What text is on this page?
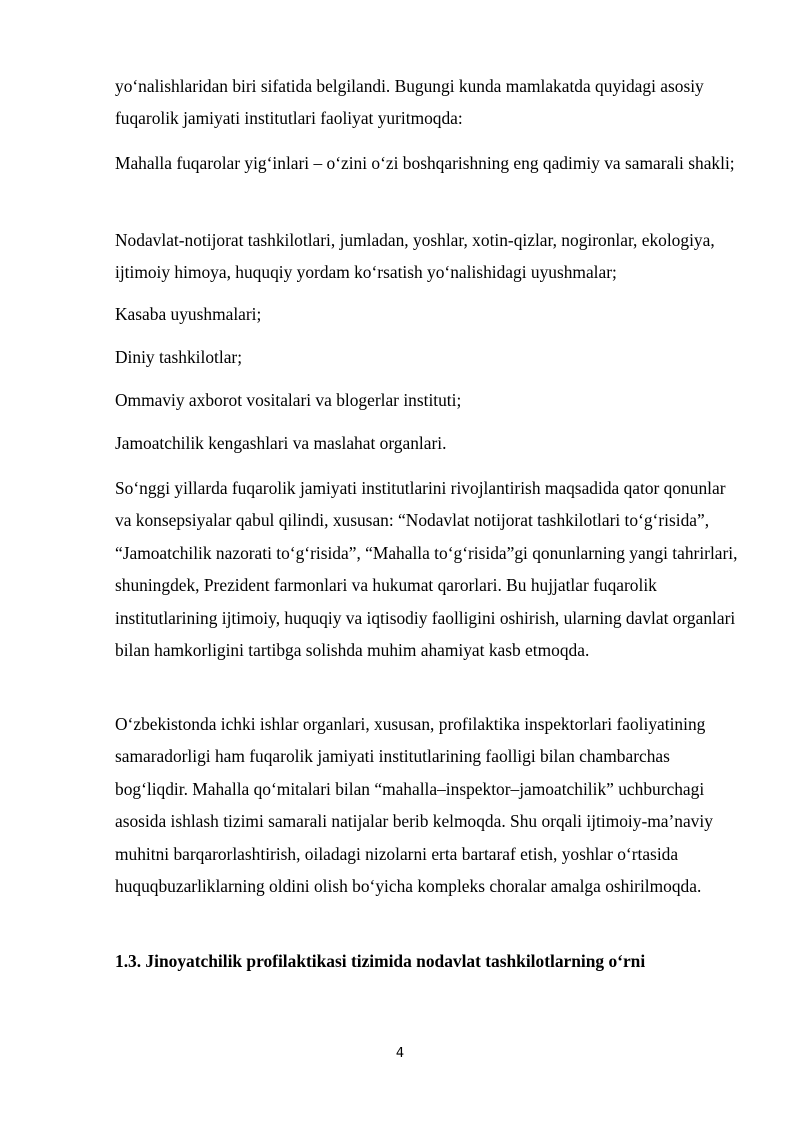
yo‘nalishlaridan biri sifatida belgilandi. Bugungi kunda mamlakatda quyidagi asosiy fuqarolik jamiyati institutlari faoliyat yuritmoqda:

Mahalla fuqarolar yig‘inlari – o‘zini o‘zi boshqarishning eng qadimiy va samarali shakli;

Nodavlat-notijorat tashkilotlari, jumladan, yoshlar, xotin-qizlar, nogironlar, ekologiya, ijtimoiy himoya, huquqiy yordam ko‘rsatish yo‘nalishidagi uyushmalar;

Kasaba uyushmalari;

Diniy tashkilotlar;

Ommaviy axborot vositalari va blogerlar instituti;

Jamoatchilik kengashlari va maslahat organlari.

So‘nggi yillarda fuqarolik jamiyati institutlarini rivojlantirish maqsadida qator qonunlar va konsepsiyalar qabul qilindi, xususan: “Nodavlat notijorat tashkilotlari to‘g‘risida”, “Jamoatchilik nazorati to‘g‘risida”, “Mahalla to‘g‘risida”gi qonunlarning yangi tahrirlari, shuningdek, Prezident farmonlari va hukumat qarorlari. Bu hujjatlar fuqarolik institutlarining ijtimoiy, huquqiy va iqtisodiy faolligini oshirish, ularning davlat organlari bilan hamkorligini tartibga solishda muhim ahamiyat kasb etmoqda.

O‘zbekistonda ichki ishlar organlari, xususan, profilaktika inspektorlari faoliyatining samaradorligi ham fuqarolik jamiyati institutlarining faolligi bilan chambarchas bog‘liqdir. Mahalla qo‘mitalari bilan “mahalla–inspektor–jamoatchilik” uchburchagi asosida ishlash tizimi samarali natijalar berib kelmoqda. Shu orqali ijtimoiy-ma’naviy muhitni barqarorlashtirish, oiladagi nizolarni erta bartaraf etish, yoshlar o‘rtasida huquqbuzarliklarning oldini olish bo‘yicha kompleks choralar amalga oshirilmoqda.

1.3. Jinoyatchilik profilaktikasi tizimida nodavlat tashkilotlarning o‘rni
4
